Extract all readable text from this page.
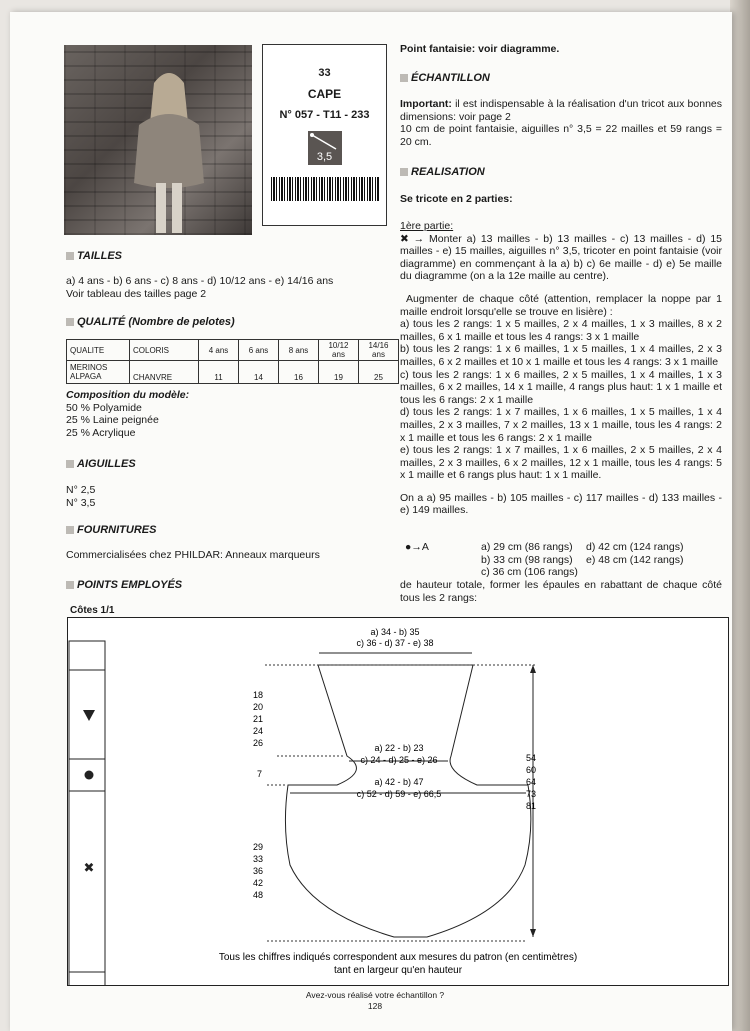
33
CAPE
N° 057 - T11 - 233
3,5
TAILLES
a) 4 ans - b) 6 ans - c) 8 ans - d) 10/12 ans - e) 14/16 ans
Voir tableau des tailles page 2
QUALITÉ (Nombre de pelotes)
QUALITE	COLORIS	4 ans	6 ans	8 ans	10/12 ans	14/16 ans
MERINOS ALPAGA	CHANVRE	11	14	16	19	25
Composition du modèle:
50 % Polyamide
25 % Laine peignée
25 % Acrylique
AIGUILLES
N° 2,5
N° 3,5
FOURNITURES
Commercialisées chez PHILDAR: Anneaux marqueurs
POINTS EMPLOYÉS
Côtes 1/1
Point fantaisie: voir diagramme.
ÉCHANTILLON
Important: il est indispensable à la réalisation d'un tricot aux bonnes dimensions: voir page 2
10 cm de point fantaisie, aiguilles n° 3,5 = 22 mailles et 59 rangs = 20 cm.
REALISATION
Se tricote en 2 parties:
1ère partie:
✖ → Monter a) 13 mailles - b) 13 mailles - c) 13 mailles - d) 15 mailles - e) 15 mailles, aiguilles n° 3,5, tricoter en point fantaisie (voir diagramme) en commençant à la a) b) c) 6e maille - d) e) 5e maille du diagramme (on a la 12e maille au centre).
Augmenter de chaque côté (attention, remplacer la noppe par 1 maille endroit lorsqu'elle se trouve en lisière) :
a) tous les 2 rangs: 1 x 5 mailles, 2 x 4 mailles, 1 x 3 mailles, 8 x 2 mailles, 6 x 1 maille et tous les 4 rangs: 3 x 1 maille
b) tous les 2 rangs: 1 x 6 mailles, 1 x 5 mailles, 1 x 4 mailles, 2 x 3 mailles, 6 x 2 mailles et 10 x 1 maille et tous les 4 rangs: 3 x 1 maille
c) tous les 2 rangs: 1 x 6 mailles, 2 x 5 mailles, 1 x 4 mailles, 1 x 3 mailles, 6 x 2 mailles, 14 x 1 maille, 4 rangs plus haut: 1 x 1 maille et tous les 6 rangs: 2 x 1 maille
d) tous les 2 rangs: 1 x 7 mailles, 1 x 6 mailles, 1 x 5 mailles, 1 x 4 mailles, 2 x 3 mailles, 7 x 2 mailles, 13 x 1 maille, tous les 4 rangs: 2 x 1 maille et tous les 6 rangs: 2 x 1 maille
e) tous les 2 rangs: 1 x 7 mailles, 1 x 6 mailles, 2 x 5 mailles, 2 x 4 mailles, 2 x 3 mailles, 6 x 2 mailles, 12 x 1 maille, tous les 4 rangs: 5 x 1 maille et 6 rangs plus haut: 1 x 1 maille.
On a a) 95 mailles - b) 105 mailles - c) 117 mailles - d) 133 mailles - e) 149 mailles.
●→A	a) 29 cm (86 rangs)	d) 42 cm (124 rangs)
b) 33 cm (98 rangs)	e) 48 cm (142 rangs)
c) 36 cm (106 rangs)
de hauteur totale, former les épaules en rabattant de chaque côté tous les 2 rangs:
✖
a) 34 - b) 35
c) 36 - d) 37 - e) 38
a) 22 - b) 23
c) 24 - d) 25 - e) 26
a) 42 - b) 47
c) 52 - d) 59 - e) 66,5
18
20
21
24
26
7
29
33
36
42
48
54
60
64
73
81
Tous les chiffres indiqués correspondent aux mesures du patron (en centimètres)
tant en largeur qu'en hauteur
Avez-vous réalisé votre échantillon ?
128
